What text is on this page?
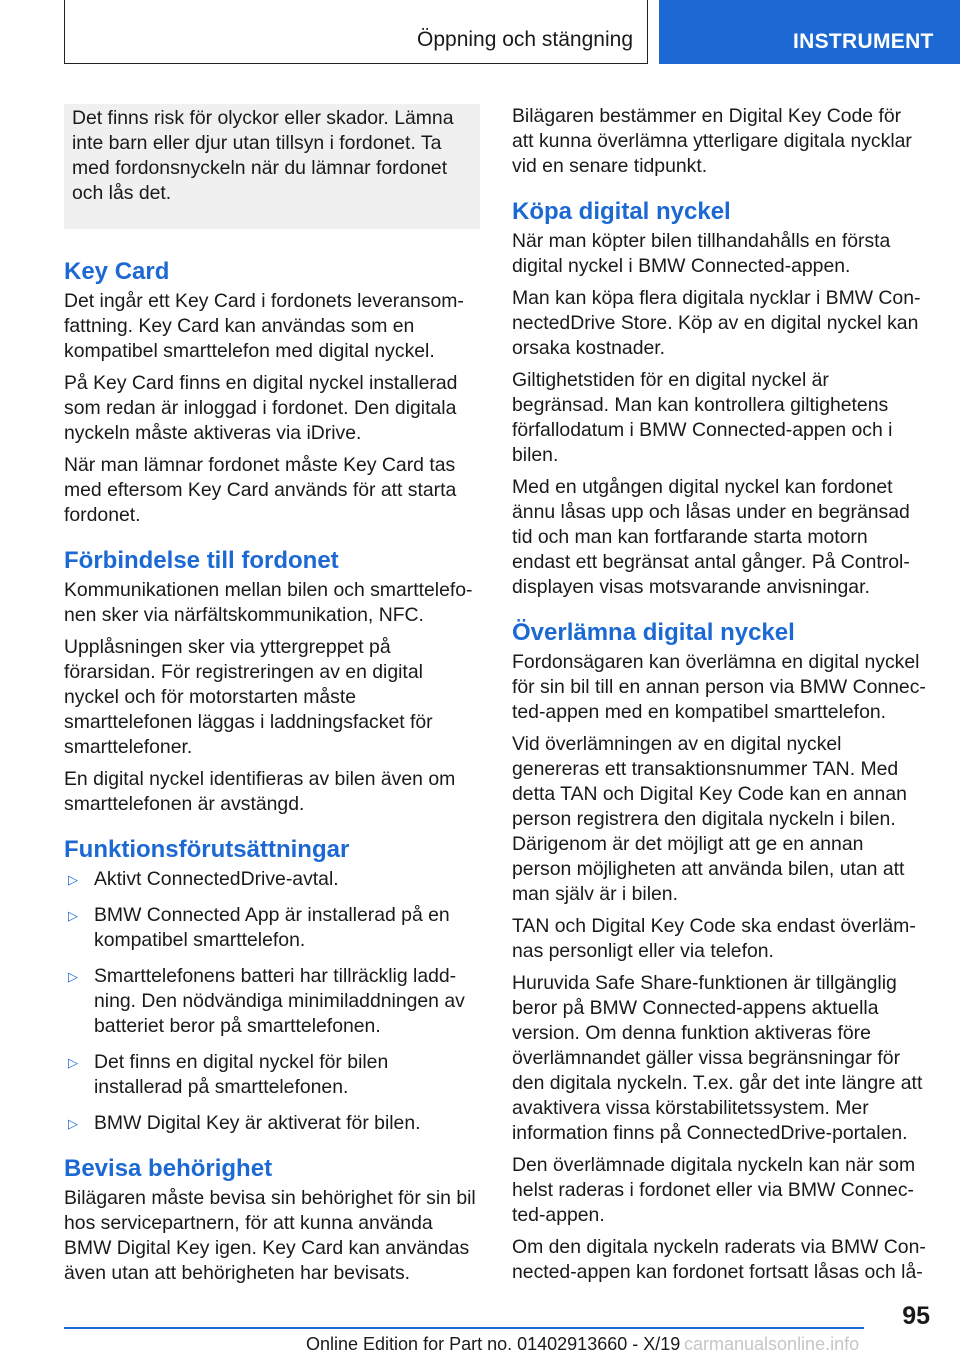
Öppning och stängning	INSTRUMENT

Det finns risk för olyckor eller skador. Lämna inte barn eller djur utan tillsyn i fordonet. Ta med fordonsnyckeln när du lämnar fordonet och lås det.

Key Card

Det ingår ett Key Card i fordonets leveransomfattning. Key Card kan användas som en kompatibel smarttelefon med digital nyckel.

På Key Card finns en digital nyckel installerad som redan är inloggad i fordonet. Den digitala nyckeln måste aktiveras via iDrive.

När man lämnar fordonet måste Key Card tas med eftersom Key Card används för att starta fordonet.

Förbindelse till fordonet

Kommunikationen mellan bilen och smarttelefonen sker via närfältskommunikation, NFC.

Upplåsningen sker via yttergreppet på förarsidan. För registreringen av en digital nyckel och för motorstarten måste smarttelefonen läggas i laddningsfacket för smarttelefoner.

En digital nyckel identifieras av bilen även om smarttelefonen är avstängd.

Funktionsförutsättningar
▷ Aktivt ConnectedDrive-avtal.
▷ BMW Connected App är installerad på en kompatibel smarttelefon.
▷ Smarttelefonens batteri har tillräcklig laddning. Den nödvändiga minimiladdningen av batteriet beror på smarttelefonen.
▷ Det finns en digital nyckel för bilen installerad på smarttelefonen.
▷ BMW Digital Key är aktiverat för bilen.
Bevisa behörighet

Bilägaren måste bevisa sin behörighet för sin bil hos servicepartnern, för att kunna använda BMW Digital Key igen. Key Card kan användas även utan att behörigheten har bevisats.

Bilägaren bestämmer en Digital Key Code för att kunna överlämna ytterligare digitala nycklar vid en senare tidpunkt.

Köpa digital nyckel

När man köpter bilen tillhandahålls en första digital nyckel i BMW Connected-appen.

Man kan köpa flera digitala nycklar i BMW ConnectedDrive Store. Köp av en digital nyckel kan orsaka kostnader.

Giltighetstiden för en digital nyckel är begränsad. Man kan kontrollera giltighetens förfallodatum i BMW Connected-appen och i bilen.

Med en utgången digital nyckel kan fordonet ännu låsas upp och låsas under en begränsad tid och man kan fortfarande starta motorn endast ett begränsat antal gånger. På Control-displayen visas motsvarande anvisningar.

Överlämna digital nyckel

Fordonsägaren kan överlämna en digital nyckel för sin bil till en annan person via BMW Connected-appen med en kompatibel smarttelefon.

Vid överlämningen av en digital nyckel genereras ett transaktionsnummer TAN. Med detta TAN och Digital Key Code kan en annan person registrera den digitala nyckeln i bilen. Därigenom är det möjligt att ge en annan person möjligheten att använda bilen, utan att man själv är i bilen.

TAN och Digital Key Code ska endast överlämnas personligt eller via telefon.

Huruvida Safe Share-funktionen är tillgänglig beror på BMW Connected-appens aktuella version. Om denna funktion aktiveras före överlämnandet gäller vissa begränsningar för den digitala nyckeln. T.ex. går det inte längre att avaktivera vissa körstabilitetssystem. Mer information finns på ConnectedDrive-portalen.

Den överlämnade digitala nyckeln kan när som helst raderas i fordonet eller via BMW Connected-appen.

Om den digitala nyckeln raderats via BMW Connected-appen kan fordonet fortsatt låsas och lå-

95
Online Edition for Part no. 01402913660 - X/19 carmanualsonline.info
